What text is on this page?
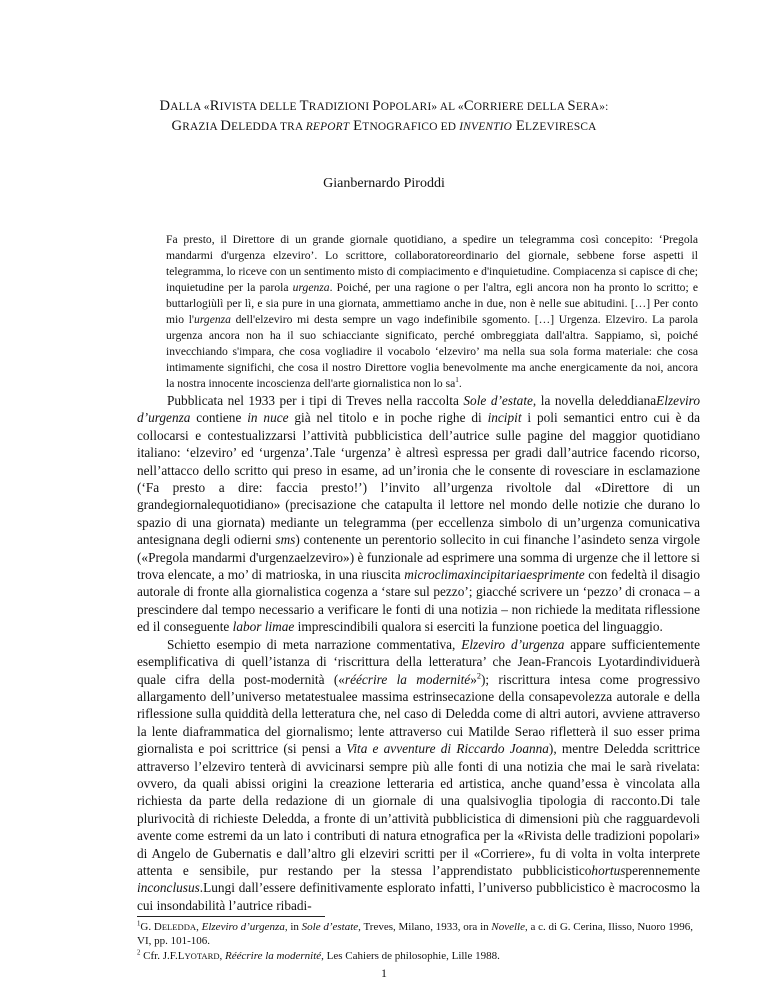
DALLA «RIVISTA DELLE TRADIZIONI POPOLARI» AL «CORRIERE DELLA SERA»:
GRAZIA DELEDDA TRA REPORT ETNOGRAFICO ED INVENTIO ELZEVIRESCA
Gianbernardo Piroddi
Fa presto, il Direttore di un grande giornale quotidiano, a spedire un telegramma così concepito: ‘Pregola mandarmi d'urgenza elzeviro’. Lo scrittore, collaboratoreordinario del giornale, sebbene forse aspetti il telegramma, lo riceve con un sentimento misto di compiacimento e d'inquietudine. Compiacenza si capisce di che; inquietudine per la parola urgenza. Poiché, per una ragione o per l'altra, egli ancora non ha pronto lo scritto; e buttarlogiùlì per lì, e sia pure in una giornata, ammettiamo anche in due, non è nelle sue abitudini. […] Per conto mio l'urgenza dell'elzeviro mi desta sempre un vago indefinibile sgomento. […] Urgenza. Elzeviro. La parola urgenza ancora non ha il suo schiacciante significato, perché ombreggiata dall'altra. Sappiamo, sì, poiché invecchiando s'impara, che cosa vogliadire il vocabolo ‘elzeviro’ ma nella sua sola forma materiale: che cosa intimamente significhi, che cosa il nostro Direttore voglia benevolmente ma anche energicamente da noi, ancora la nostra innocente incoscienza dell'arte giornalistica non lo $sa^1$.

Pubblicata nel 1933 per i tipi di Treves nella raccolta Sole d’estate, la novella deleddianaElzeviro d’urgenza contiene in nuce già nel titolo e in poche righe di incipit i poli semantici entro cui è da collocarsi e contestualizzarsi l’attività pubblicistica dell’autrice sulle pagine del maggior quotidiano italiano: ‘elzeviro’ ed ‘urgenza’.Tale ‘urgenza’ è altresì espressa per gradi dall’autrice facendo ricorso, nell’attacco dello scritto qui preso in esame, ad un’ironia che le consente di rovesciare in esclamazione (‘Fa presto a dire: faccia presto!’) l’invito all’urgenza rivoltole dal «Direttore di un grandegiornalequotidiano» (precisazione che catapulta il lettore nel mondo delle notizie che durano lo spazio di una giornata) mediante un telegramma (per eccellenza simbolo di un’urgenza comunicativa antesignana degli odierni sms) contenente un perentorio sollecito in cui finanche l’asindeto senza virgole («Pregola mandarmi d'urgenzaelzeviro») è funzionale ad esprimere una somma di urgenze che il lettore si trova elencate, a mo’ di matrioska, in una riuscita microclimaxincipitariaesprimente con fedeltà il disagio autorale di fronte alla giornalistica cogenza a ‘stare sul pezzo’; giacché scrivere un ‘pezzo’ di cronaca – a prescindere dal tempo necessario a verificare le fonti di una notizia – non richiede la meditata riflessione ed il conseguente labor limae imprescindibili qualora si eserciti la funzione poetica del linguaggio.

Schietto esempio di meta narrazione commentativa, Elzeviro d’urgenza appare sufficientemente esemplificativa di quell’istanza di ‘riscrittura della letteratura’ che Jean-Francois Lyotardindividuerà quale cifra della post-modernità («réécrire la modernité»$^2$); riscrittura intesa come progressivo allargamento dell’universo metatestualee massima estrinsecazione della consapevolezza autorale e della riflessione sulla quiddità della letteratura che, nel caso di Deledda come di altri autori, avviene attraverso la lente diaframmatica del giornalismo; lente attraverso cui Matilde Serao rifletterà il suo esser prima giornalista e poi scrittrice (si pensi a Vita e avventure di Riccardo Joanna), mentre Deledda scrittrice attraverso l’elzeviro tenterà di avvicinarsi sempre più alle fonti di una notizia che mai le sarà rivelata: ovvero, da quali abissi origini la creazione letteraria ed artistica, anche quand’essa è vincolata alla richiesta da parte della redazione di un giornale di una qualsivoglia tipologia di racconto.Di tale plurivocità di richieste Deledda, a fronte di un’attività pubblicistica di dimensioni più che ragguardevoli avente come estremi da un lato i contributi di natura etnografica per la «Rivista delle tradizioni popolari» di Angelo de Gubernatis e dall’altro gli elzeviri scritti per il «Corriere», fu di volta in volta interprete attenta e sensibile, pur restando per la stessa l’apprendistato pubblicisticohortusperennemente inconclusus.Lungi dall’essere definitivamente esplorato infatti, l’universo pubblicistico è macrocosmo la cui insondabilità l’autrice ribadi-

$^1$G. DELEDDA, Elzeviro d’urgenza, in Sole d’estate, Treves, Milano, 1933, ora in Novelle, a c. di G. Cerina, Ilisso, Nuoro 1996, VI, pp. 101-106.
$^2$ Cfr. J.F.LYOTARD, Réécrire la modernité, Les Cahiers de philosophie, Lille 1988.
1
